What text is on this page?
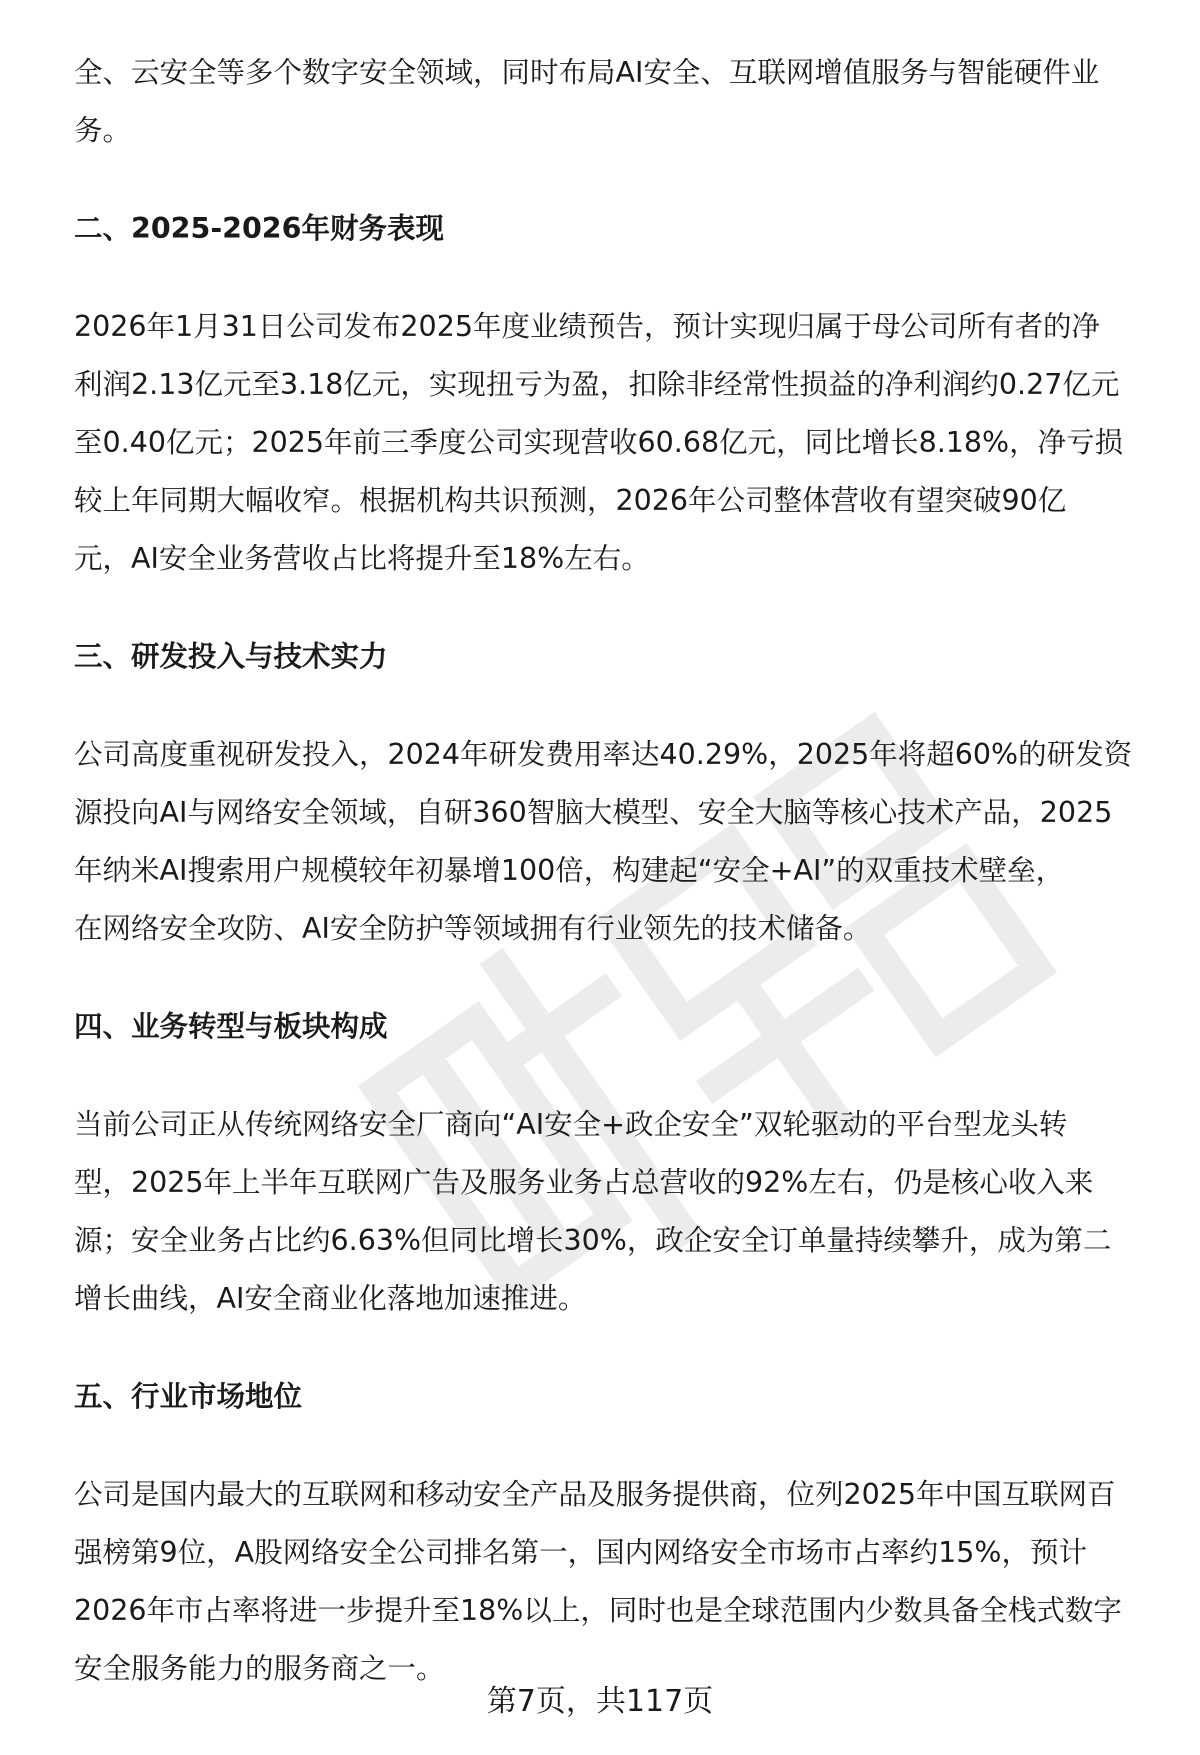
全、云安全等多个数字安全领域，同时布局AI安全、互联网增值服务与智能硬件业
务。
二、2025-2026年财务表现
2026年1月31日公司发布2025年度业绩预告，预计实现归属于母公司所有者的净
利润2.13亿元至3.18亿元，实现扭亏为盈，扣除非经常性损益的净利润约0.27亿元
至0.40亿元；2025年前三季度公司实现营收60.68亿元，同比增长8.18%，净亏损
较上年同期大幅收窄。根据机构共识预测，2026年公司整体营收有望突破90亿
元，AI安全业务营收占比将提升至18%左右。
三、研发投入与技术实力
公司高度重视研发投入，2024年研发费用率达40.29%，2025年将超60%的研发资
源投向AI与网络安全领域，自研360智脑大模型、安全大脑等核心技术产品，2025
年纳米AI搜索用户规模较年初暴增100倍，构建起“安全+AI”的双重技术壁垒，
在网络安全攻防、AI安全防护等领域拥有行业领先的技术储备。
四、业务转型与板块构成
当前公司正从传统网络安全厂商向“AI安全+政企安全”双轮驱动的平台型龙头转
型，2025年上半年互联网广告及服务业务占总营收的92%左右，仍是核心收入来
源；安全业务占比约6.63%但同比增长30%，政企安全订单量持续攀升，成为第二
增长曲线，AI安全商业化落地加速推进。
五、行业市场地位
公司是国内最大的互联网和移动安全产品及服务提供商，位列2025年中国互联网百
强榜第9位，A股网络安全公司排名第一，国内网络安全市场市占率约15%，预计
2026年市占率将进一步提升至18%以上，同时也是全球范围内少数具备全栈式数字
安全服务能力的服务商之一。
第7页，共117页
